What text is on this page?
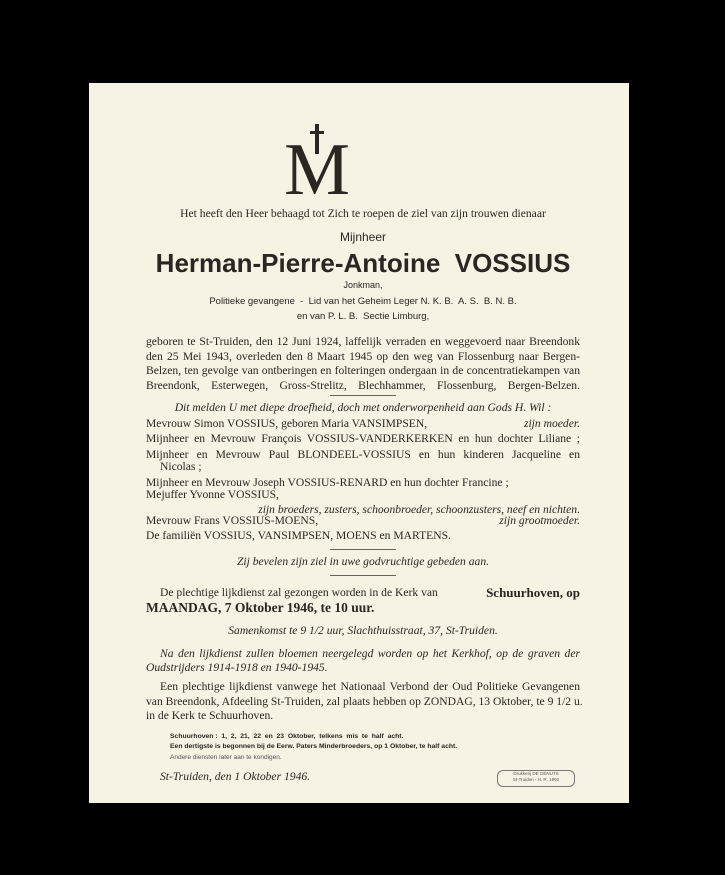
M
Het heeft den Heer behaagd tot Zich te roepen de ziel van zijn trouwen dienaar
Mijnheer
Herman-Pierre-Antoine  VOSSIUS
Jonkman,
Politieke gevangene  -  Lid van het Geheim Leger N. K. B.  A. S.  B. N. B.
en van P. L. B.  Sectie Limburg,
geboren te St-Truiden, den 12 Juni 1924, laffelijk verraden en weggevoerd naar Breendonk
den 25 Mei 1943, overleden den 8 Maart 1945 op den weg van Flossenburg naar Bergen-
Belzen, ten gevolge van ontberingen en folteringen ondergaan in de concentratiekampen van
Breendonk, Esterwegen, Gross-Strelitz, Blechhammer, Flossenburg, Bergen-Belzen.
Dit melden U met diepe droefheid, doch met onderworpenheid aan Gods H. Wil :
Mevrouw Simon VOSSIUS, geboren Maria VANSIMPSEN,	zijn moeder.
Mijnheer en Mevrouw François VOSSIUS-VANDERKERKEN en hun dochter Liliane ;
Mijnheer en Mevrouw Paul BLONDEEL-VOSSIUS en hun kinderen Jacqueline en
Nicolas ;
Mijnheer en Mevrouw Joseph VOSSIUS-RENARD en hun dochter Francine ;
Mejuffer Yvonne VOSSIUS,
zijn broeders, zusters, schoonbroeder, schoonzusters, neef en nichten.
Mevrouw Frans VOSSIUS-MOENS,	zijn grootmoeder.
De familiën VOSSIUS, VANSIMPSEN, MOENS en MARTENS.
Zij bevelen zijn ziel in uwe godvruchtige gebeden aan.
De plechtige lijkdienst zal gezongen worden in de Kerk van	Schuurhoven, op
MAANDAG, 7 Oktober 1946, te 10 uur.
Samenkomst te 9 1/2 uur, Slachthuisstraat, 37, St-Truiden.
Na den lijkdienst zullen bloemen neergelegd worden op het Kerkhof, op de graven der
Oudstrijders 1914-1918 en 1940-1945.
Een plechtige lijkdienst vanwege het Nationaal Verbond der Oud Politieke Gevangenen
van Breendonk, Afdeeling St-Truiden, zal plaats hebben op ZONDAG, 13 Oktober, te 9 1/2 u.
in de Kerk te Schuurhoven.
Schuurhoven :  1,  2,  21,  22  en  23  Oktober,  telkens  mis  te  half  acht.
Een dertigste is begonnen bij de Eerw. Paters Minderbroeders, op 1 Oktober, te half acht.
Andere diensten later aan te kondigen.
St-Truiden, den 1 Oktober 1946.	Drukkerij DE GENUTS
St-Truiden - H. R. 1992
